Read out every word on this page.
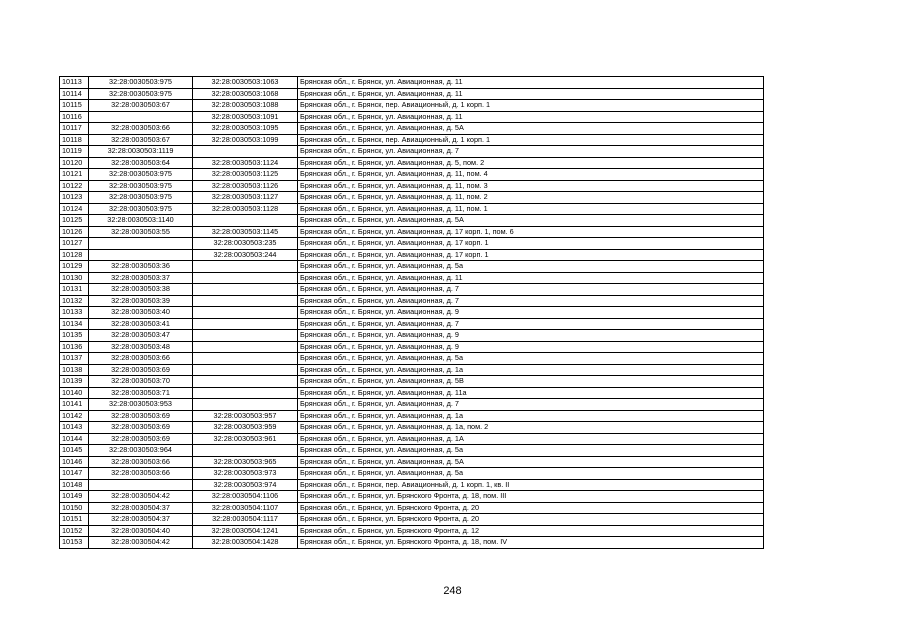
10113	32:28:0030503:975	32:28:0030503:1063	Брянская обл., г. Брянск, ул. Авиационная, д. 11
10114	32:28:0030503:975	32:28:0030503:1068	Брянская обл., г. Брянск, ул. Авиационная, д. 11
10115	32:28:0030503:67	32:28:0030503:1088	Брянская обл., г. Брянск, пер. Авиационный, д. 1 корп. 1
10116		32:28:0030503:1091	Брянская обл., г. Брянск, ул. Авиационная, д. 11
10117	32:28:0030503:66	32:28:0030503:1095	Брянская обл., г. Брянск, ул. Авиационная, д. 5А
10118	32:28:0030503:67	32:28:0030503:1099	Брянская обл., г. Брянск, пер. Авиационный, д. 1 корп. 1
10119	32:28:0030503:1119		Брянская обл., г. Брянск, ул. Авиационная, д. 7
10120	32:28:0030503:64	32:28:0030503:1124	Брянская обл., г. Брянск, ул. Авиационная, д. 5, пом. 2
10121	32:28:0030503:975	32:28:0030503:1125	Брянская обл., г. Брянск, ул. Авиационная, д. 11, пом. 4
10122	32:28:0030503:975	32:28:0030503:1126	Брянская обл., г. Брянск, ул. Авиационная, д. 11, пом. 3
10123	32:28:0030503:975	32:28:0030503:1127	Брянская обл., г. Брянск, ул. Авиационная, д. 11, пом. 2
10124	32:28:0030503:975	32:28:0030503:1128	Брянская обл., г. Брянск, ул. Авиационная, д. 11, пом. 1
10125	32:28:0030503:1140		Брянская обл., г. Брянск, ул. Авиационная, д. 5А
10126	32:28:0030503:55	32:28:0030503:1145	Брянская обл., г. Брянск, ул. Авиационная, д. 17 корп. 1, пом. 6
10127		32:28:0030503:235	Брянская обл., г. Брянск, ул. Авиационная, д. 17 корп. 1
10128		32:28:0030503:244	Брянская обл., г. Брянск, ул. Авиационная, д. 17 корп. 1
10129	32:28:0030503:36		Брянская обл., г. Брянск, ул. Авиационная, д. 5а
10130	32:28:0030503:37		Брянская обл., г. Брянск, ул. Авиационная, д. 11
10131	32:28:0030503:38		Брянская обл., г. Брянск, ул. Авиационная, д. 7
10132	32:28:0030503:39		Брянская обл., г. Брянск, ул. Авиационная, д. 7
10133	32:28:0030503:40		Брянская обл., г. Брянск, ул. Авиационная, д. 9
10134	32:28:0030503:41		Брянская обл., г. Брянск, ул. Авиационная, д. 7
10135	32:28:0030503:47		Брянская обл., г. Брянск, ул. Авиационная, д. 9
10136	32:28:0030503:48		Брянская обл., г. Брянск, ул. Авиационная, д. 9
10137	32:28:0030503:66		Брянская обл., г. Брянск, ул. Авиационная, д. 5а
10138	32:28:0030503:69		Брянская обл., г. Брянск, ул. Авиационная, д. 1а
10139	32:28:0030503:70		Брянская обл., г. Брянск, ул. Авиационная, д. 5В
10140	32:28:0030503:71		Брянская обл., г. Брянск, ул. Авиационная, д. 11а
10141	32:28:0030503:953		Брянская обл., г. Брянск, ул. Авиационная, д. 7
10142	32:28:0030503:69	32:28:0030503:957	Брянская обл., г. Брянск, ул. Авиационная, д. 1а
10143	32:28:0030503:69	32:28:0030503:959	Брянская обл., г. Брянск, ул. Авиационная, д. 1а, пом. 2
10144	32:28:0030503:69	32:28:0030503:961	Брянская обл., г. Брянск, ул. Авиационная, д. 1А
10145	32:28:0030503:964		Брянская обл., г. Брянск, ул. Авиационная, д. 5а
10146	32:28:0030503:66	32:28:0030503:965	Брянская обл., г. Брянск, ул. Авиационная, д. 5А
10147	32:28:0030503:66	32:28:0030503:973	Брянская обл., г. Брянск, ул. Авиационная, д. 5а
10148		32:28:0030503:974	Брянская обл., г. Брянск, пер. Авиационный, д. 1 корп. 1, кв. II
10149	32:28:0030504:42	32:28:0030504:1106	Брянская обл., г. Брянск, ул. Брянского Фронта, д. 18, пом. III
10150	32:28:0030504:37	32:28:0030504:1107	Брянская обл., г. Брянск, ул. Брянского Фронта, д. 20
10151	32:28:0030504:37	32:28:0030504:1117	Брянская обл., г. Брянск, ул. Брянского Фронта, д. 20
10152	32:28:0030504:40	32:28:0030504:1241	Брянская обл., г. Брянск, ул. Брянского Фронта, д. 12
10153	32:28:0030504:42	32:28:0030504:1428	Брянская обл., г. Брянск, ул. Брянского Фронта, д. 18, пом. IV
248
